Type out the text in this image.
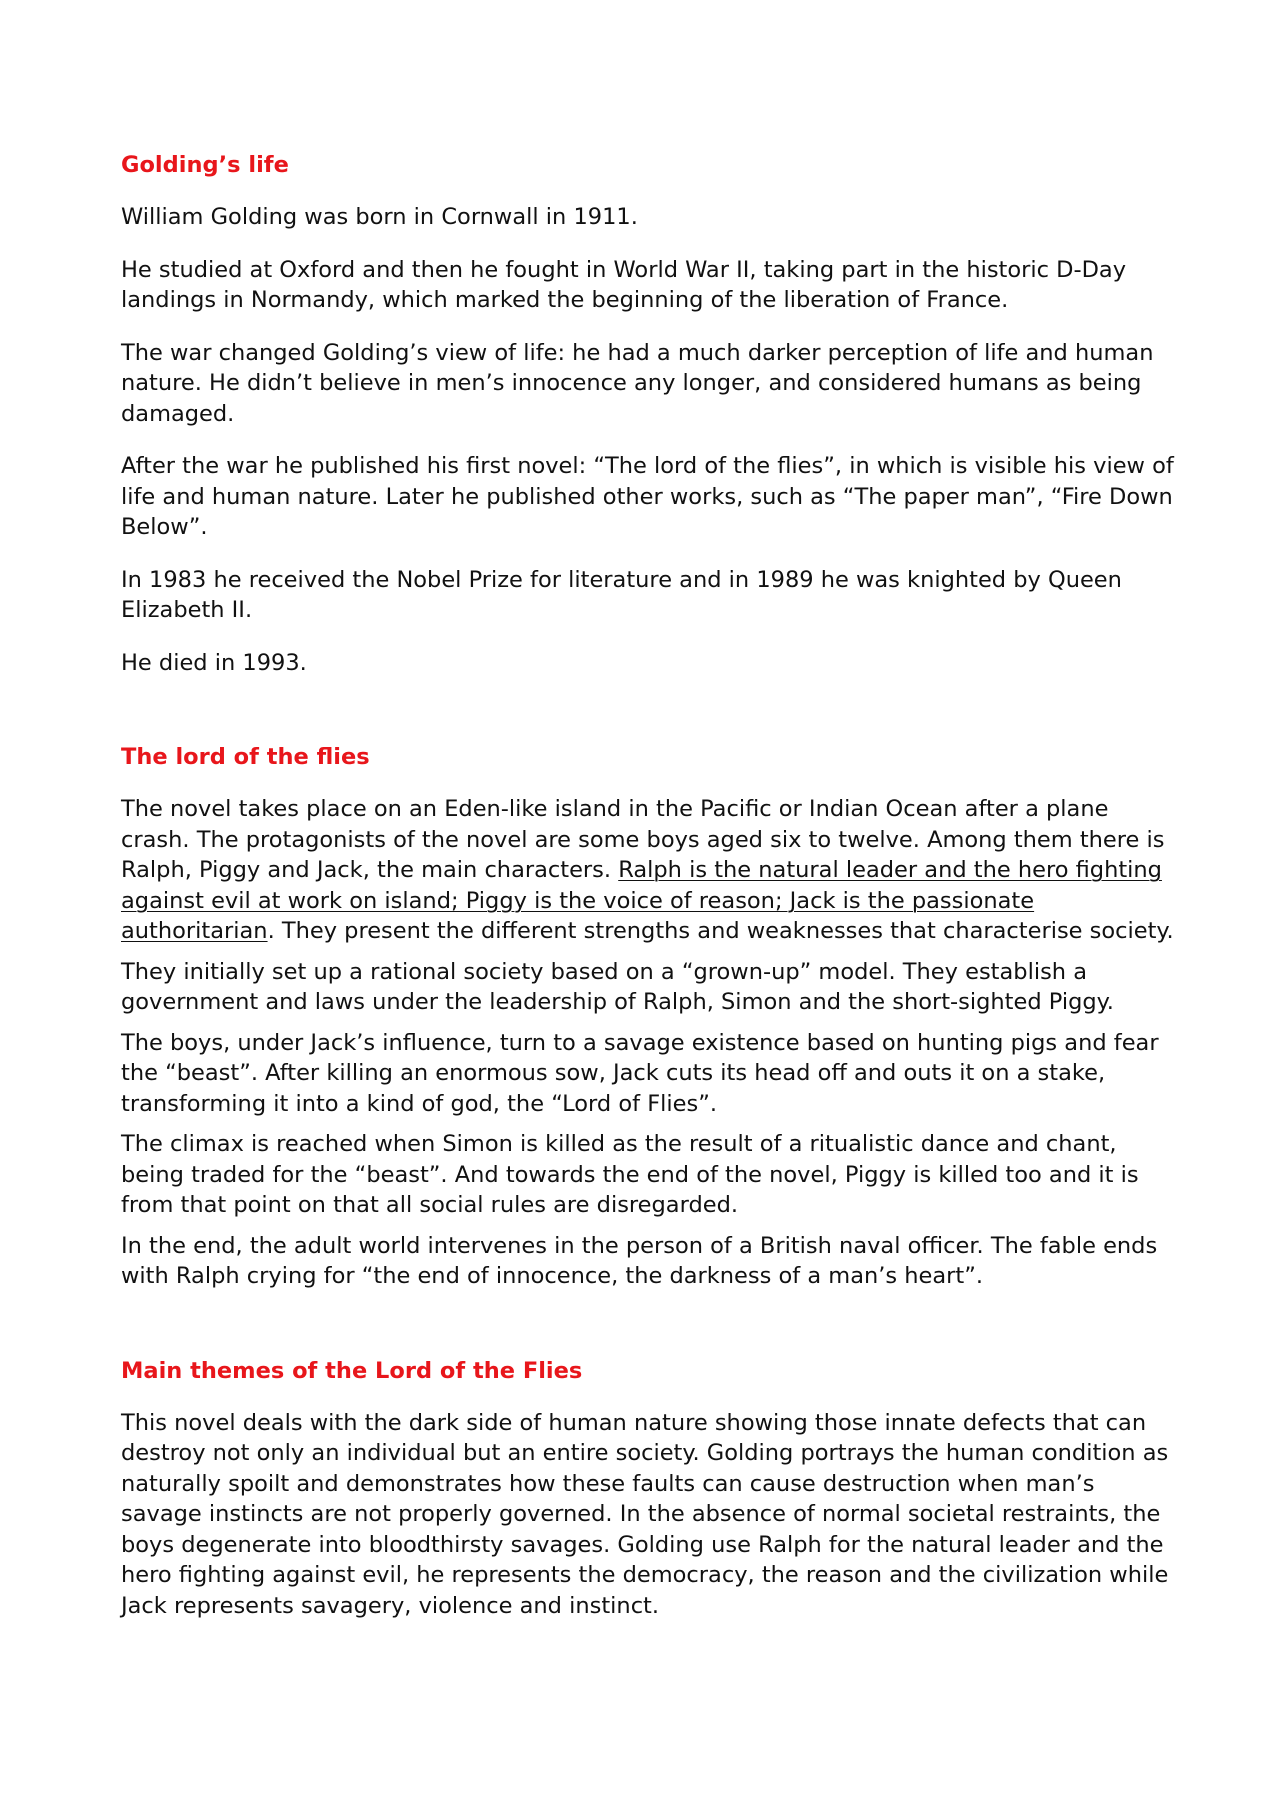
Golding’s life

William Golding was born in Cornwall in 1911.

He studied at Oxford and then he fought in World War II, taking part in the historic D-Day landings in Normandy, which marked the beginning of the liberation of France.

The war changed Golding’s view of life: he had a much darker perception of life and human nature. He didn’t believe in men’s innocence any longer, and considered humans as being damaged.

After the war he published his first novel: “The lord of the flies”, in which is visible his view of life and human nature. Later he published other works, such as “The paper man”, “Fire Down Below”.

In 1983 he received the Nobel Prize for literature and in 1989 he was knighted by Queen Elizabeth II.

He died in 1993.

The lord of the flies

The novel takes place on an Eden-like island in the Pacific or Indian Ocean after a plane crash. The protagonists of the novel are some boys aged six to twelve. Among them there is Ralph, Piggy and Jack, the main characters. Ralph is the natural leader and the hero fighting against evil at work on island; Piggy is the voice of reason; Jack is the passionate authoritarian. They present the different strengths and weaknesses that characterise society.

They initially set up a rational society based on a “grown-up” model. They establish a government and laws under the leadership of Ralph, Simon and the short-sighted Piggy.

The boys, under Jack’s influence, turn to a savage existence based on hunting pigs and fear the “beast”. After killing an enormous sow, Jack cuts its head off and outs it on a stake, transforming it into a kind of god, the “Lord of Flies”.

The climax is reached when Simon is killed as the result of a ritualistic dance and chant, being traded for the “beast”. And towards the end of the novel, Piggy is killed too and it is from that point on that all social rules are disregarded.

In the end, the adult world intervenes in the person of a British naval officer. The fable ends with Ralph crying for “the end of innocence, the darkness of a man’s heart”.

Main themes of the Lord of the Flies

This novel deals with the dark side of human nature showing those innate defects that can destroy not only an individual but an entire society. Golding portrays the human condition as naturally spoilt and demonstrates how these faults can cause destruction when man’s savage instincts are not properly governed. In the absence of normal societal restraints, the boys degenerate into bloodthirsty savages. Golding use Ralph for the natural leader and the hero fighting against evil, he represents the democracy, the reason and the civilization while Jack represents savagery, violence and instinct.
